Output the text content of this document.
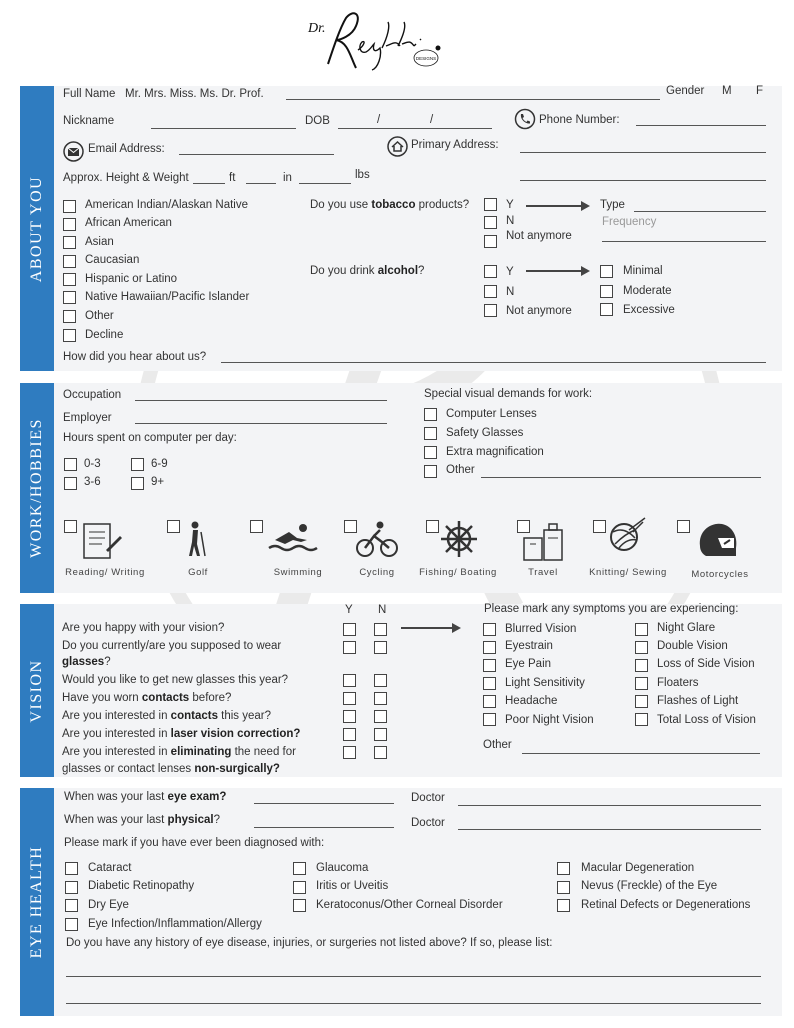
Dr.
DESIGNS
ABOUT YOU
Full Name Mr. Mrs. Miss. Ms. Dr. Prof.	Gender M F
Nickname	DOB	/	/	Phone Number:
Email Address:	Primary Address:
Approx. Height & Weight	ft	in	lbs
American Indian/Alaskan Native
African American
Asian
Caucasian
Hispanic or Latino
Native Hawaiian/Pacific Islander
Other
Decline
Do you use tobacco products?	Y
N
Not anymore
Type
Frequency
Do you drink alcohol?	Y
N
Not anymore
Minimal
Moderate
Excessive
How did you hear about us?
WORK/HOBBIES
Occupation
Employer
Hours spent on computer per day:
0-3	6-9
3-6	9+
Special visual demands for work:
Computer Lenses
Safety Glasses
Extra magnification
Other
Reading/ Writing	Golf	Swimming	Cycling	Fishing/ Boating	Travel	Knitting/ Sewing	Motorcycles
VISION
Y N
Are you happy with your vision?
Do you currently/are you supposed to wear
glasses?
Would you like to get new glasses this year?
Have you worn contacts before?
Are you interested in contacts this year?
Are you interested in laser vision correction?
Are you interested in eliminating the need for
glasses or contact lenses non-surgically?
Please mark any symptoms you are experiencing:
Blurred Vision
Eyestrain
Eye Pain
Light Sensitivity
Headache
Poor Night Vision
Night Glare
Double Vision
Loss of Side Vision
Floaters
Flashes of Light
Total Loss of Vision
Other
EYE HEALTH
When was your last eye exam?	Doctor
When was your last physical?	Doctor
Please mark if you have ever been diagnosed with:
Cataract
Diabetic Retinopathy
Dry Eye
Eye Infection/Inflammation/Allergy
Glaucoma
Iritis or Uveitis
Keratoconus/Other Corneal Disorder
Macular Degeneration
Nevus (Freckle) of the Eye
Retinal Defects or Degenerations
Do you have any history of eye disease, injuries, or surgeries not listed above? If so, please list:
